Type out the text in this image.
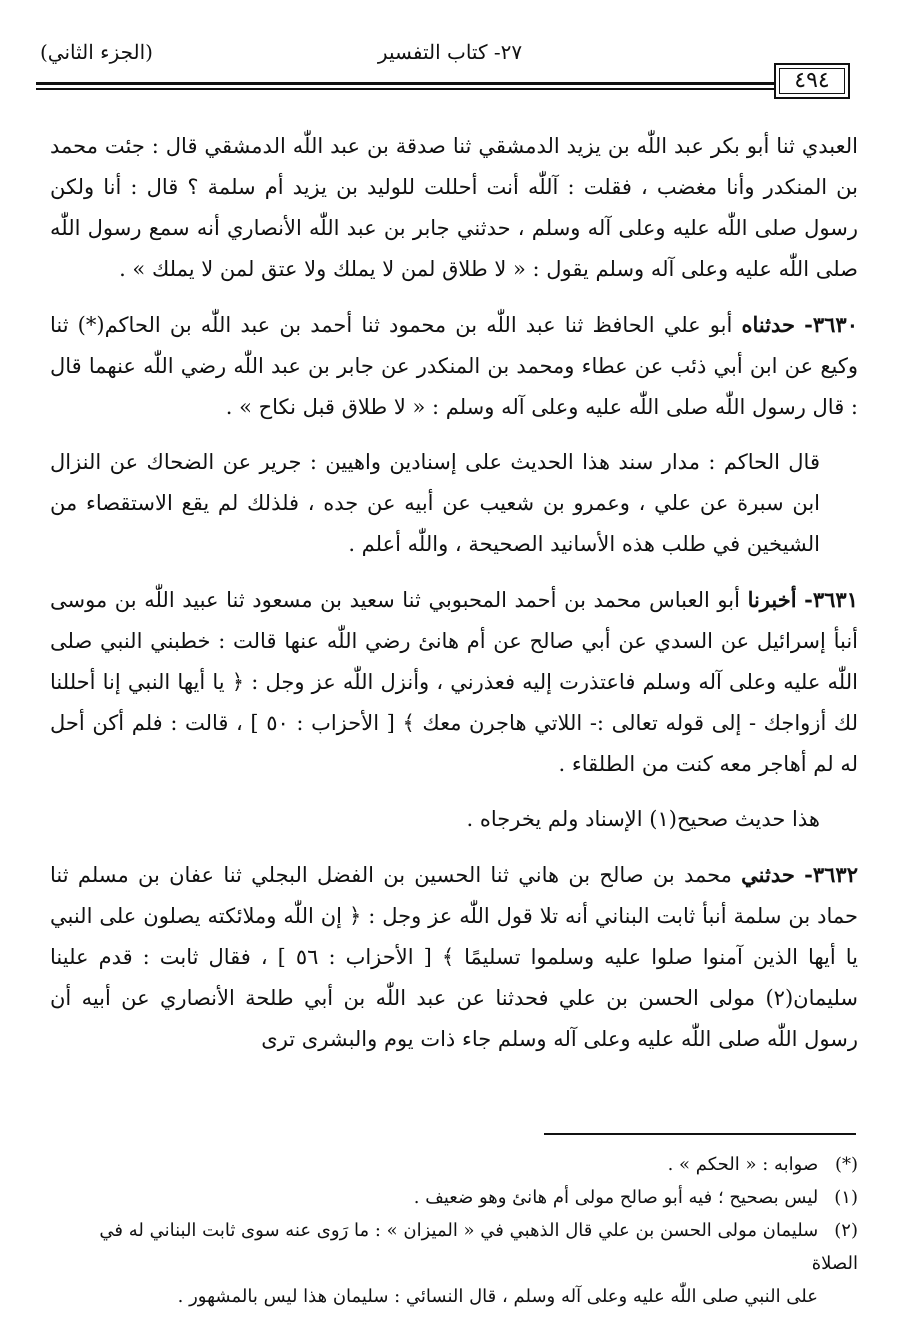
٢٧- كتاب التفسير
(الجزء الثاني)
٤٩٤

العبدي ثنا أبو بكر عبد اللّٰه بن يزيد الدمشقي ثنا صدقة بن عبد اللّٰه الدمشقي قال : جئت محمد بن المنكدر وأنا مغضب ، فقلت : آللّٰه أنت أحللت للوليد بن يزيد أم سلمة ؟ قال : أنا ولكن رسول صلى اللّٰه عليه وعلى آله وسلم ، حدثني جابر بن عبد اللّٰه الأنصاري أنه سمع رسول اللّٰه صلى اللّٰه عليه وعلى آله وسلم يقول : « لا طلاق لمن لا يملك ولا عتق لمن لا يملك » .

٣٦٣٠- حدثناه أبو علي الحافظ ثنا عبد اللّٰه بن محمود ثنا أحمد بن عبد اللّٰه بن الحاكم(*) ثنا وكيع عن ابن أبي ذئب عن عطاء ومحمد بن المنكدر عن جابر بن عبد اللّٰه رضي اللّٰه عنهما قال : قال رسول اللّٰه صلى اللّٰه عليه وعلى آله وسلم : « لا طلاق قبل نكاح » .

قال الحاكم : مدار سند هذا الحديث على إسنادين واهيين : جرير عن الضحاك عن النزال ابن سبرة عن علي ، وعمرو بن شعيب عن أبيه عن جده ، فلذلك لم يقع الاستقصاء من الشيخين في طلب هذه الأسانيد الصحيحة ، واللّٰه أعلم .

٣٦٣١- أخبرنا أبو العباس محمد بن أحمد المحبوبي ثنا سعيد بن مسعود ثنا عبيد اللّٰه بن موسى أنبأ إسرائيل عن السدي عن أبي صالح عن أم هانئ رضي اللّٰه عنها قالت : خطبني النبي صلى اللّٰه عليه وعلى آله وسلم فاعتذرت إليه فعذرني ، وأنزل اللّٰه عز وجل : ﴿ يا أيها النبي إنا أحللنا لك أزواجك - إلى قوله تعالى :- اللاتي هاجرن معك ﴾ [ الأحزاب : ٥٠ ] ، قالت : فلم أكن أحل له لم أهاجر معه كنت من الطلقاء .

هذا حديث صحيح(١) الإسناد ولم يخرجاه .

٣٦٣٢- حدثني محمد بن صالح بن هاني ثنا الحسين بن الفضل البجلي ثنا عفان بن مسلم ثنا حماد بن سلمة أنبأ ثابت البناني أنه تلا قول اللّٰه عز وجل : ﴿ إن اللّٰه وملائكته يصلون على النبي يا أيها الذين آمنوا صلوا عليه وسلموا تسليمًا ﴾ [ الأحزاب : ٥٦ ] ، فقال ثابت : قدم علينا سليمان(٢) مولى الحسن بن علي فحدثنا عن عبد اللّٰه بن أبي طلحة الأنصاري عن أبيه أن رسول اللّٰه صلى اللّٰه عليه وعلى آله وسلم جاء ذات يوم والبشرى ترى

(*) صوابه : « الحكم » .

(١) ليس بصحيح ؛ فيه أبو صالح مولى أم هانئ وهو ضعيف .

(٢) سليمان مولى الحسن بن علي قال الذهبي في « الميزان » : ما رَوى عنه سوى ثابت البناني له في الصلاة

على النبي صلى اللّٰه عليه وعلى آله وسلم ، قال النسائي : سليمان هذا ليس بالمشهور .
